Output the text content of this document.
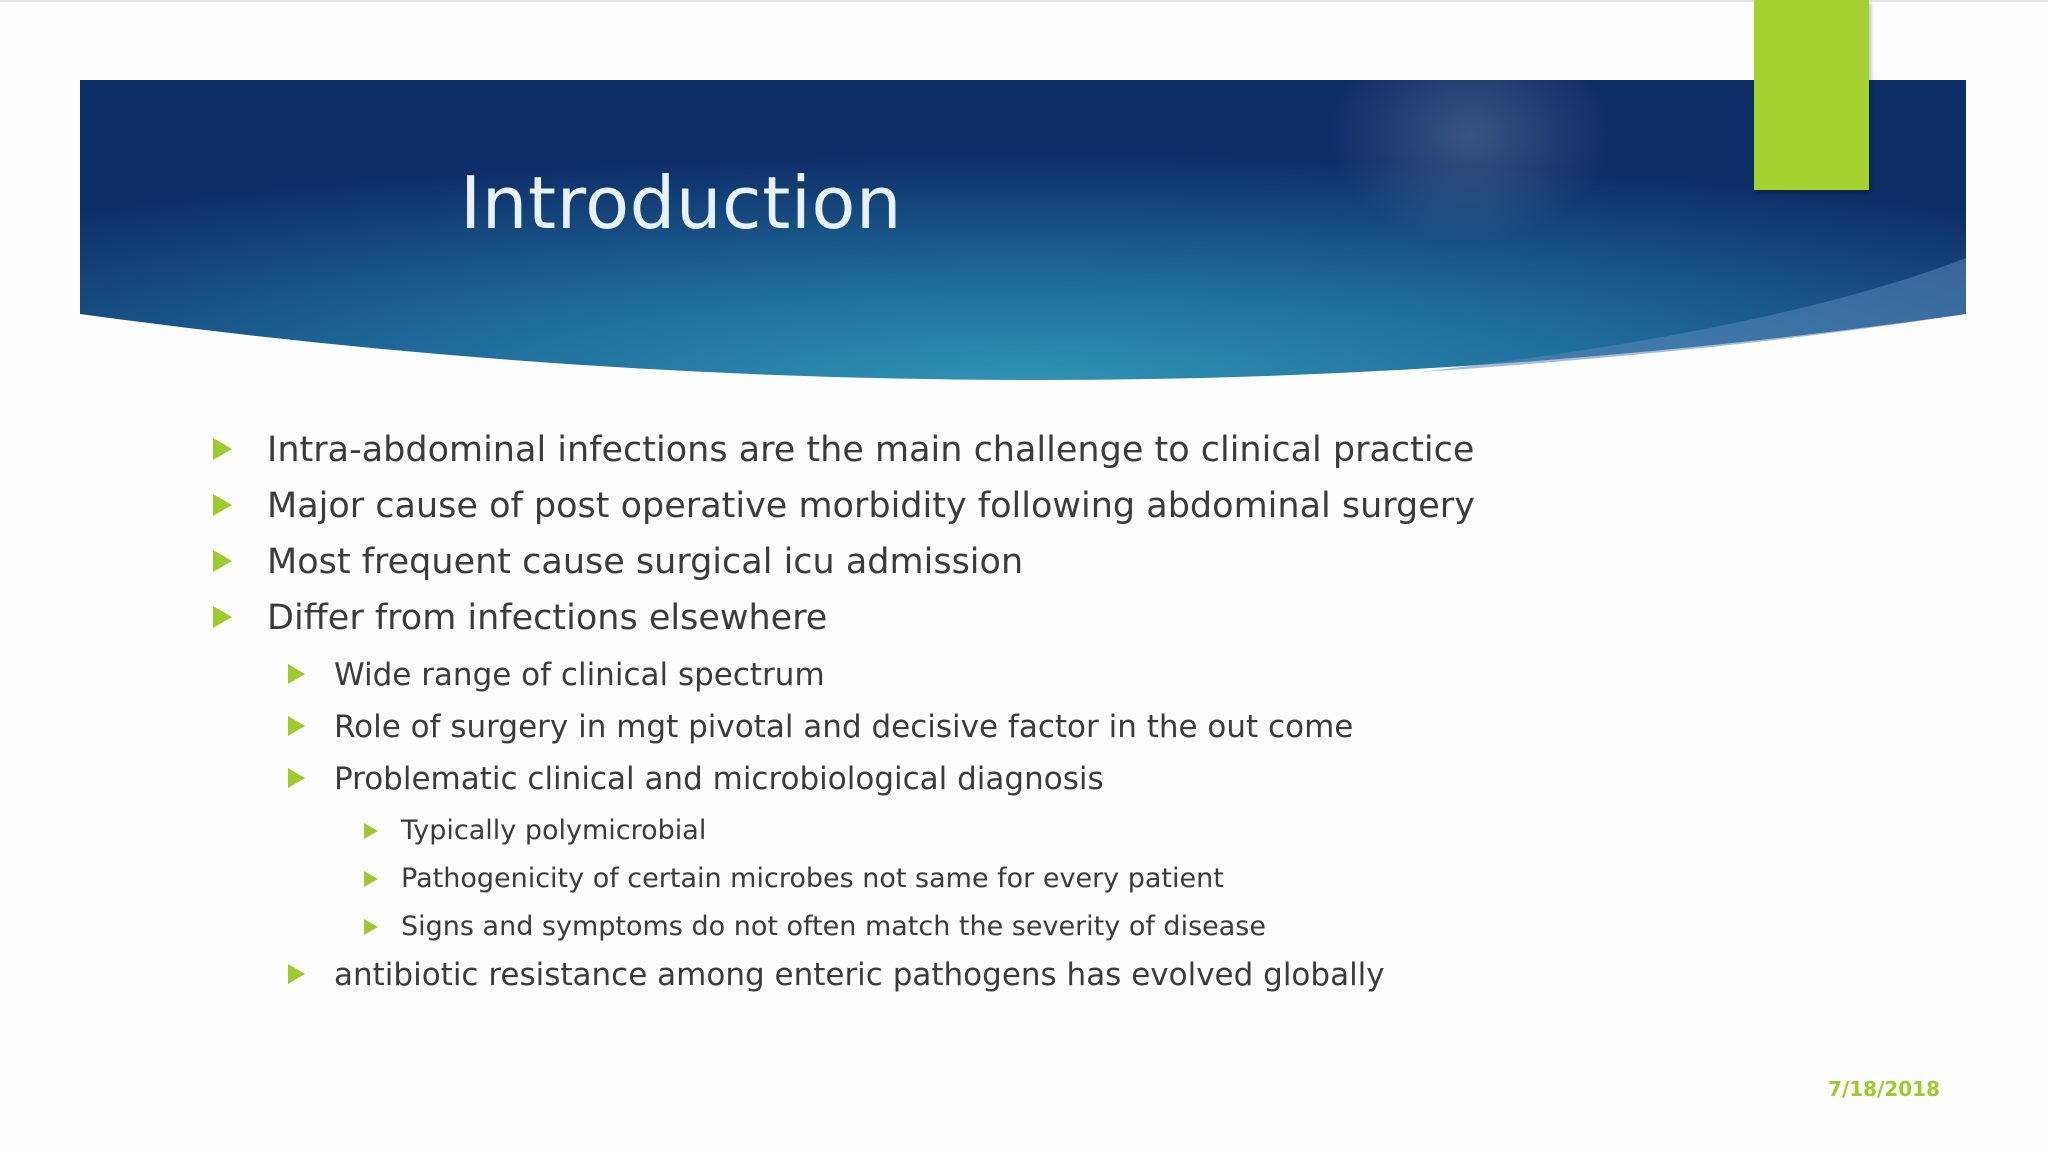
Introduction
Intra-abdominal infections are the main challenge to clinical practice
Major cause of post operative morbidity following abdominal surgery
Most frequent cause surgical icu admission
Differ from infections elsewhere
Wide range of clinical spectrum
Role of surgery in mgt pivotal and decisive factor in the out come
Problematic clinical and microbiological diagnosis
Typically polymicrobial
Pathogenicity of certain microbes not same for every patient
Signs and symptoms do not often match the severity of disease
antibiotic resistance among enteric pathogens has evolved globally
7/18/2018
